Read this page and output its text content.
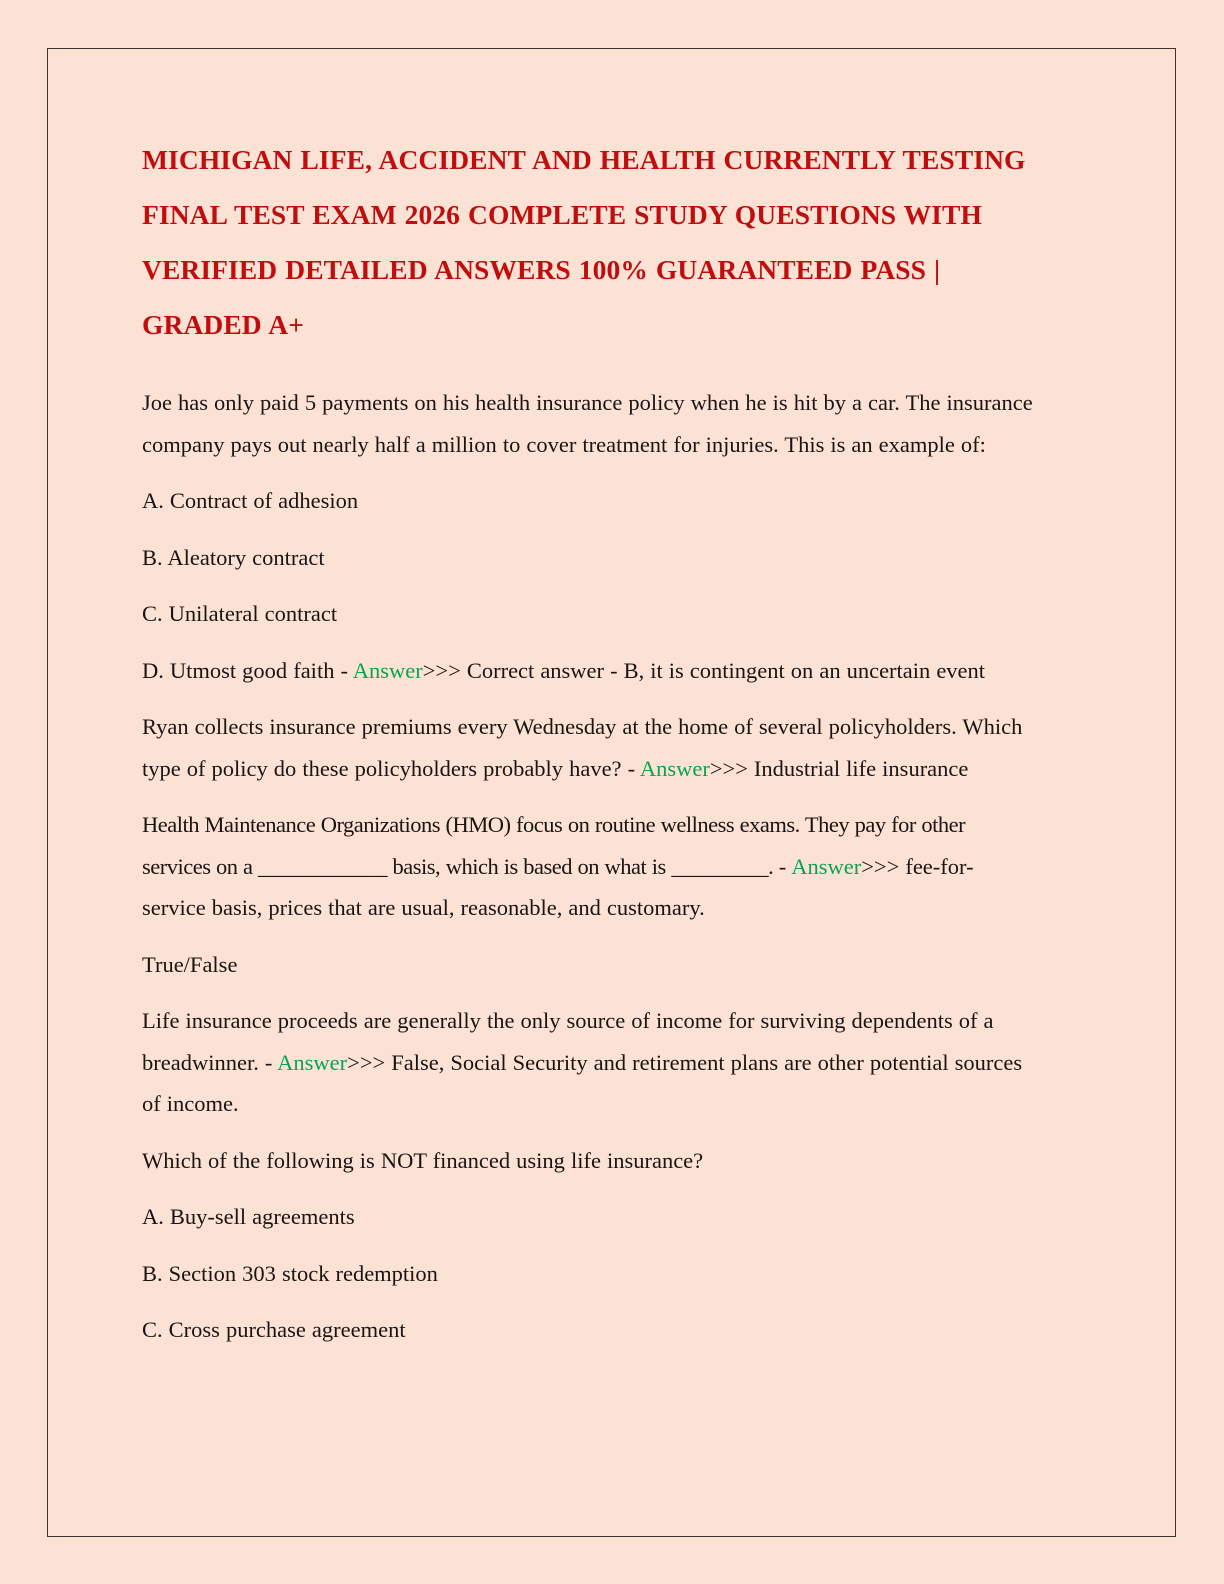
MICHIGAN LIFE, ACCIDENT AND HEALTH CURRENTLY TESTING FINAL TEST EXAM 2026 COMPLETE STUDY QUESTIONS WITH VERIFIED DETAILED ANSWERS 100% GUARANTEED PASS | GRADED A+

Joe has only paid 5 payments on his health insurance policy when he is hit by a car. The insurance company pays out nearly half a million to cover treatment for injuries. This is an example of:

A. Contract of adhesion

B. Aleatory contract

C. Unilateral contract

D. Utmost good faith - Answer>>> Correct answer - B, it is contingent on an uncertain event

Ryan collects insurance premiums every Wednesday at the home of several policyholders. Which type of policy do these policyholders probably have? - Answer>>> Industrial life insurance

Health Maintenance Organizations (HMO) focus on routine wellness exams. They pay for other services on a ____________ basis, which is based on what is _________. - Answer>>> fee-for-service basis, prices that are usual, reasonable, and customary.

True/False

Life insurance proceeds are generally the only source of income for surviving dependents of a breadwinner. - Answer>>> False, Social Security and retirement plans are other potential sources of income.

Which of the following is NOT financed using life insurance?

A. Buy-sell agreements

B. Section 303 stock redemption

C. Cross purchase agreement
